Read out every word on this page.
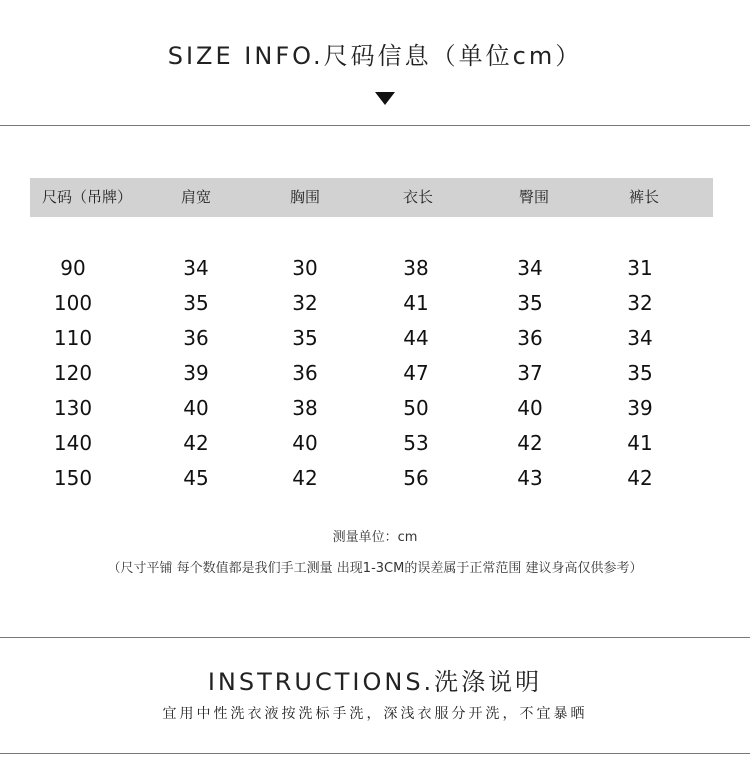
SIZE INFO.尺码信息（单位cm）
尺码（吊牌）	肩宽	胸围	衣长	臀围	裤长
90	34	30	38	34	31
100	35	32	41	35	32
110	36	35	44	36	34
120	39	36	47	37	35
130	40	38	50	40	39
140	42	40	53	42	41
150	45	42	56	43	42
测量单位：cm
（尺寸平铺 每个数值都是我们手工测量 出现1-3CM的误差属于正常范围 建议身高仅供参考）
INSTRUCTIONS.洗涤说明
宜用中性洗衣液按洗标手洗，深浅衣服分开洗，不宜暴晒
